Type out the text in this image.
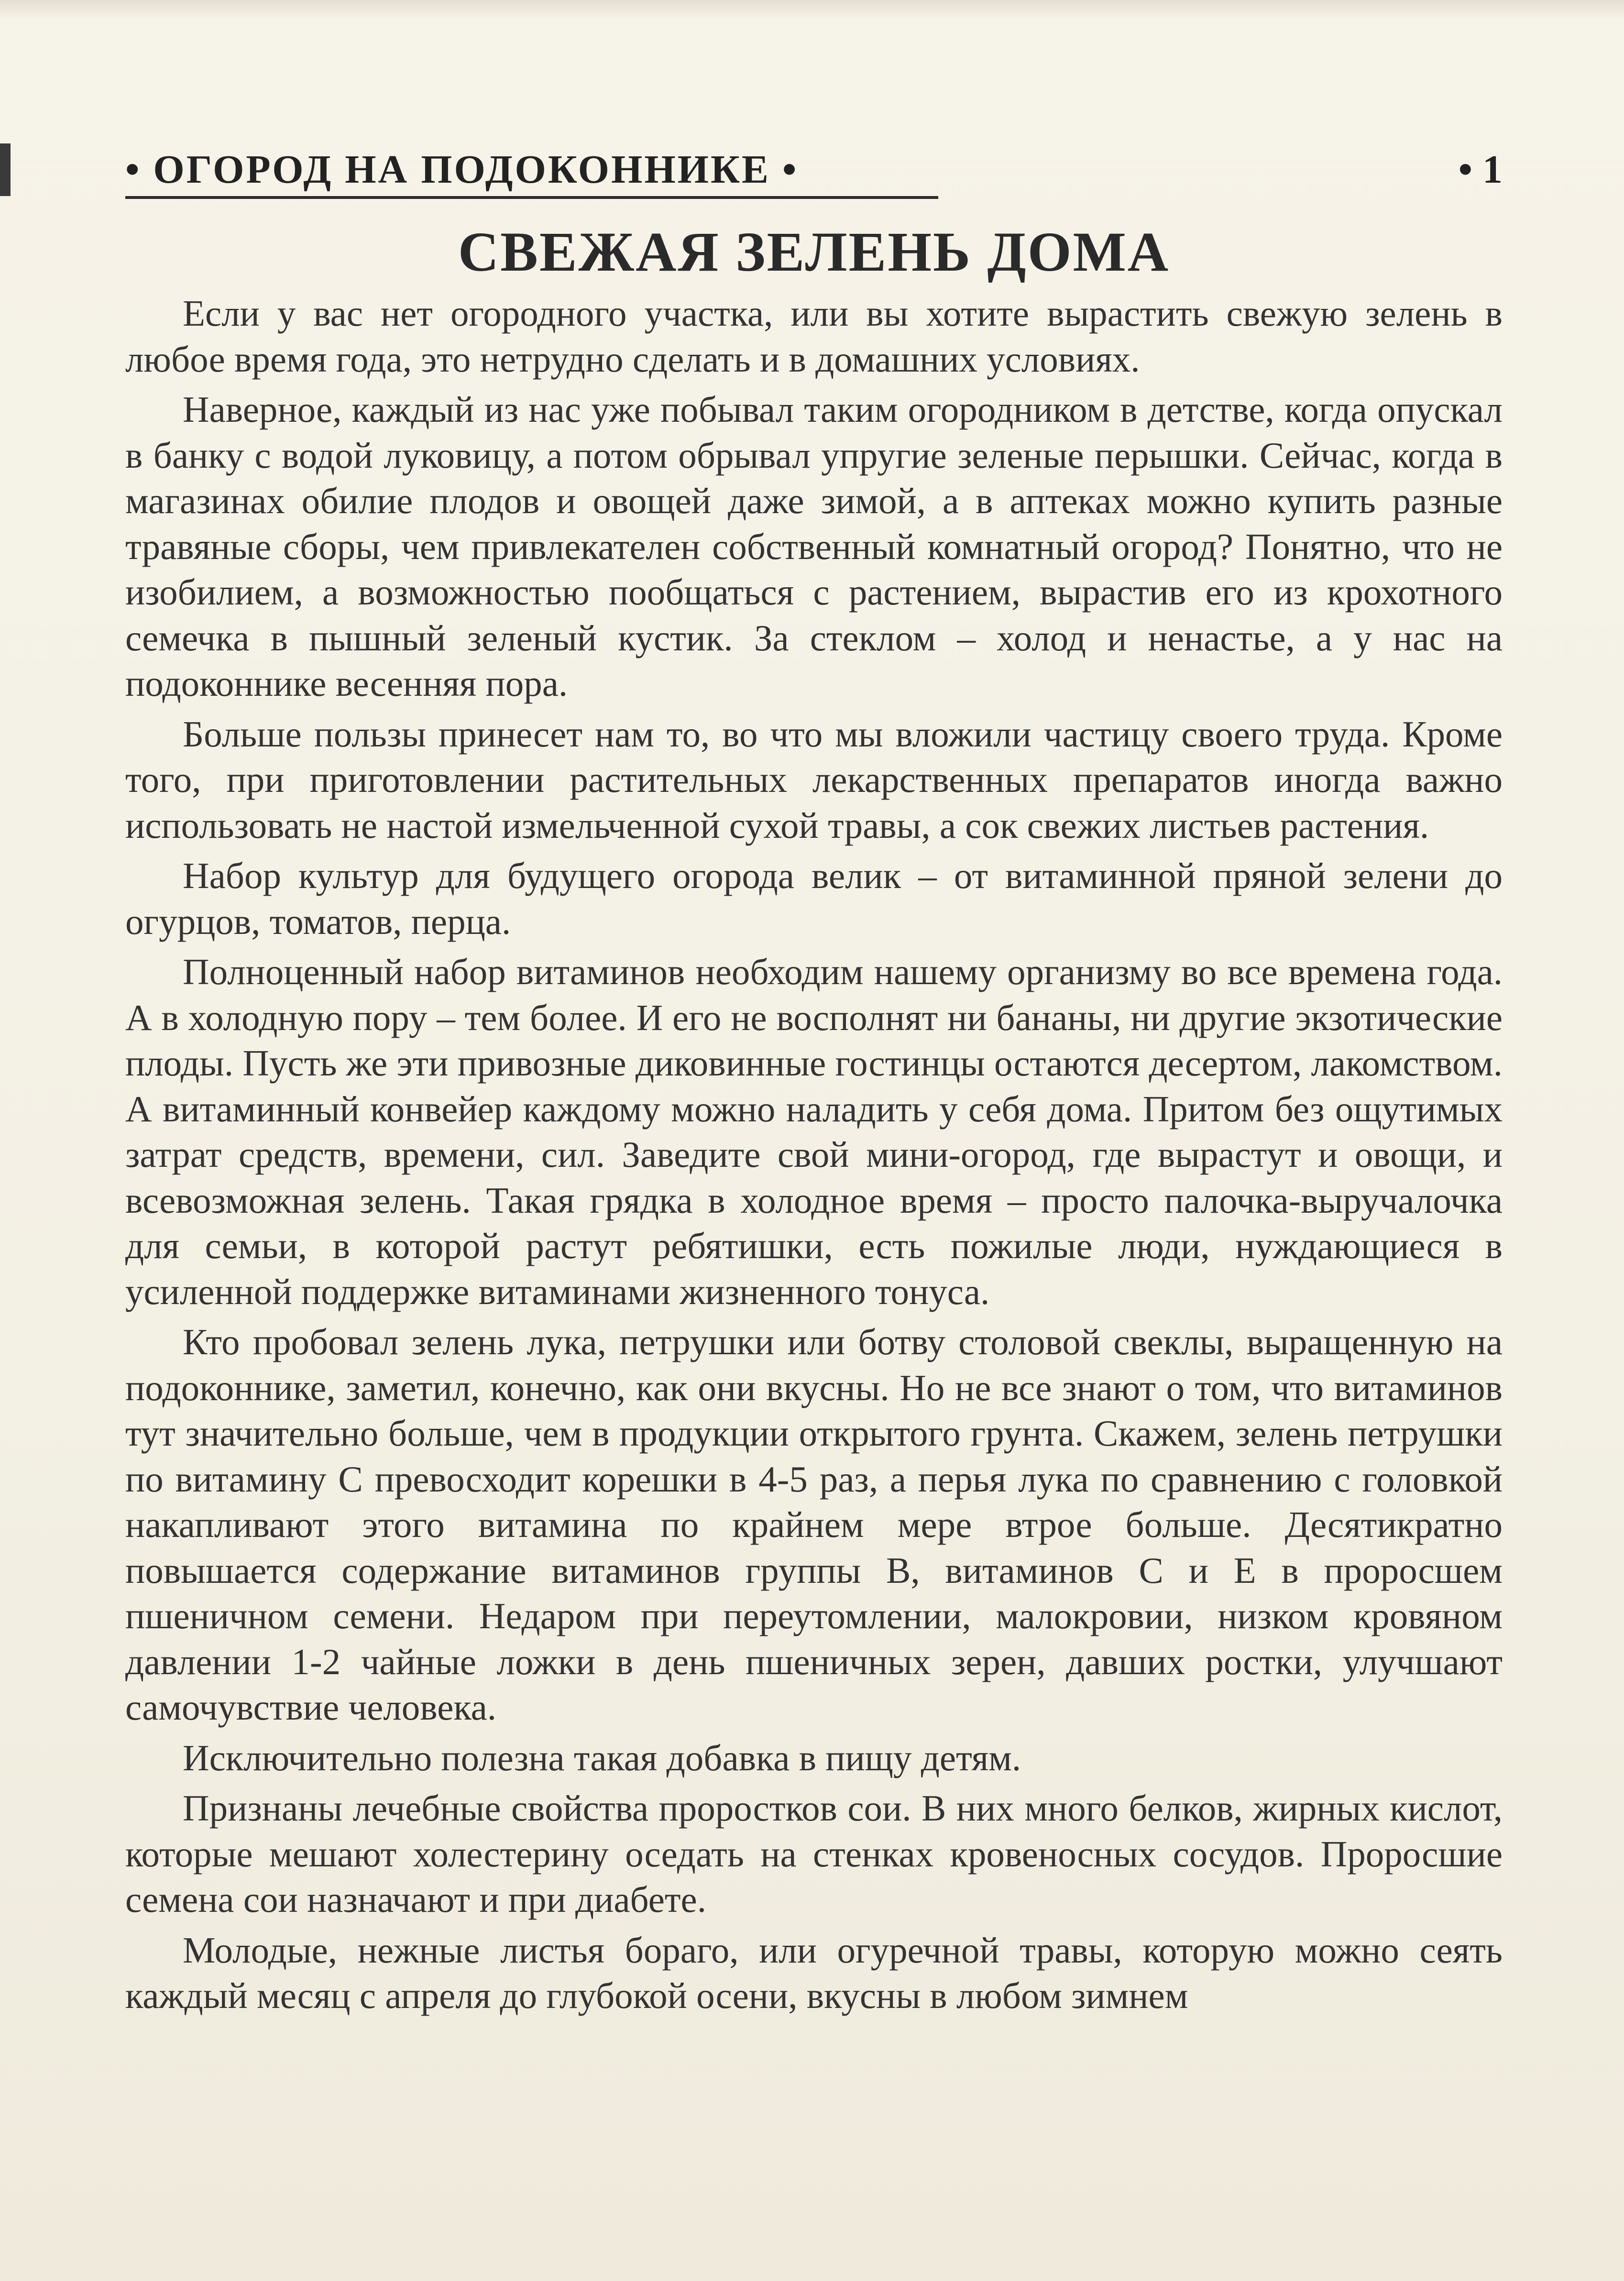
• ОГОРОД НА ПОДОКОННИКЕ •	• 1
СВЕЖАЯ ЗЕЛЕНЬ ДОМА

Если у вас нет огородного участка, или вы хотите вырастить свежую зелень в любое время года, это нетрудно сделать и в домашних условиях.

Наверное, каждый из нас уже побывал таким огородником в детстве, когда опускал в банку с водой луковицу, а потом обрывал упругие зеленые перышки. Сейчас, когда в магазинах обилие плодов и овощей даже зимой, а в аптеках можно купить разные травяные сборы, чем привлекателен собственный комнатный огород? Понятно, что не изобилием, а возможностью пообщаться с растением, вырастив его из крохотного семечка в пышный зеленый кустик. За стеклом – холод и ненастье, а у нас на подоконнике весенняя пора.

Больше пользы принесет нам то, во что мы вложили частицу своего труда. Кроме того, при приготовлении растительных лекарственных препаратов иногда важно использовать не настой измельченной сухой травы, а сок свежих листьев растения.

Набор культур для будущего огорода велик – от витаминной пряной зелени до огурцов, томатов, перца.

Полноценный набор витаминов необходим нашему организму во все времена года. А в холодную пору – тем более. И его не восполнят ни бананы, ни другие экзотические плоды. Пусть же эти привозные диковинные гостинцы остаются десертом, лакомством. А витаминный конвейер каждому можно наладить у себя дома. Притом без ощутимых затрат средств, времени, сил. Заведите свой мини-огород, где вырастут и овощи, и всевозможная зелень. Такая грядка в холодное время – просто палочка-выручалочка для семьи, в которой растут ребятишки, есть пожилые люди, нуждающиеся в усиленной поддержке витаминами жизненного тонуса.

Кто пробовал зелень лука, петрушки или ботву столовой свеклы, выращенную на подоконнике, заметил, конечно, как они вкусны. Но не все знают о том, что витаминов тут значительно больше, чем в продукции открытого грунта. Скажем, зелень петрушки по витамину С превосходит корешки в 4-5 раз, а перья лука по сравнению с головкой накапливают этого витамина по крайнем мере втрое больше. Десятикратно повышается содержание витаминов группы В, витаминов С и Е в проросшем пшеничном семени. Недаром при переутомлении, малокровии, низком кровяном давлении 1-2 чайные ложки в день пшеничных зерен, давших ростки, улучшают самочувствие человека.

Исключительно полезна такая добавка в пищу детям.

Признаны лечебные свойства проростков сои. В них много белков, жирных кислот, которые мешают холестерину оседать на стенках кровеносных сосудов. Проросшие семена сои назначают и при диабете.

Молодые, нежные листья бораго, или огуречной травы, которую можно сеять каждый месяц с апреля до глубокой осени, вкусны в любом зимнем
